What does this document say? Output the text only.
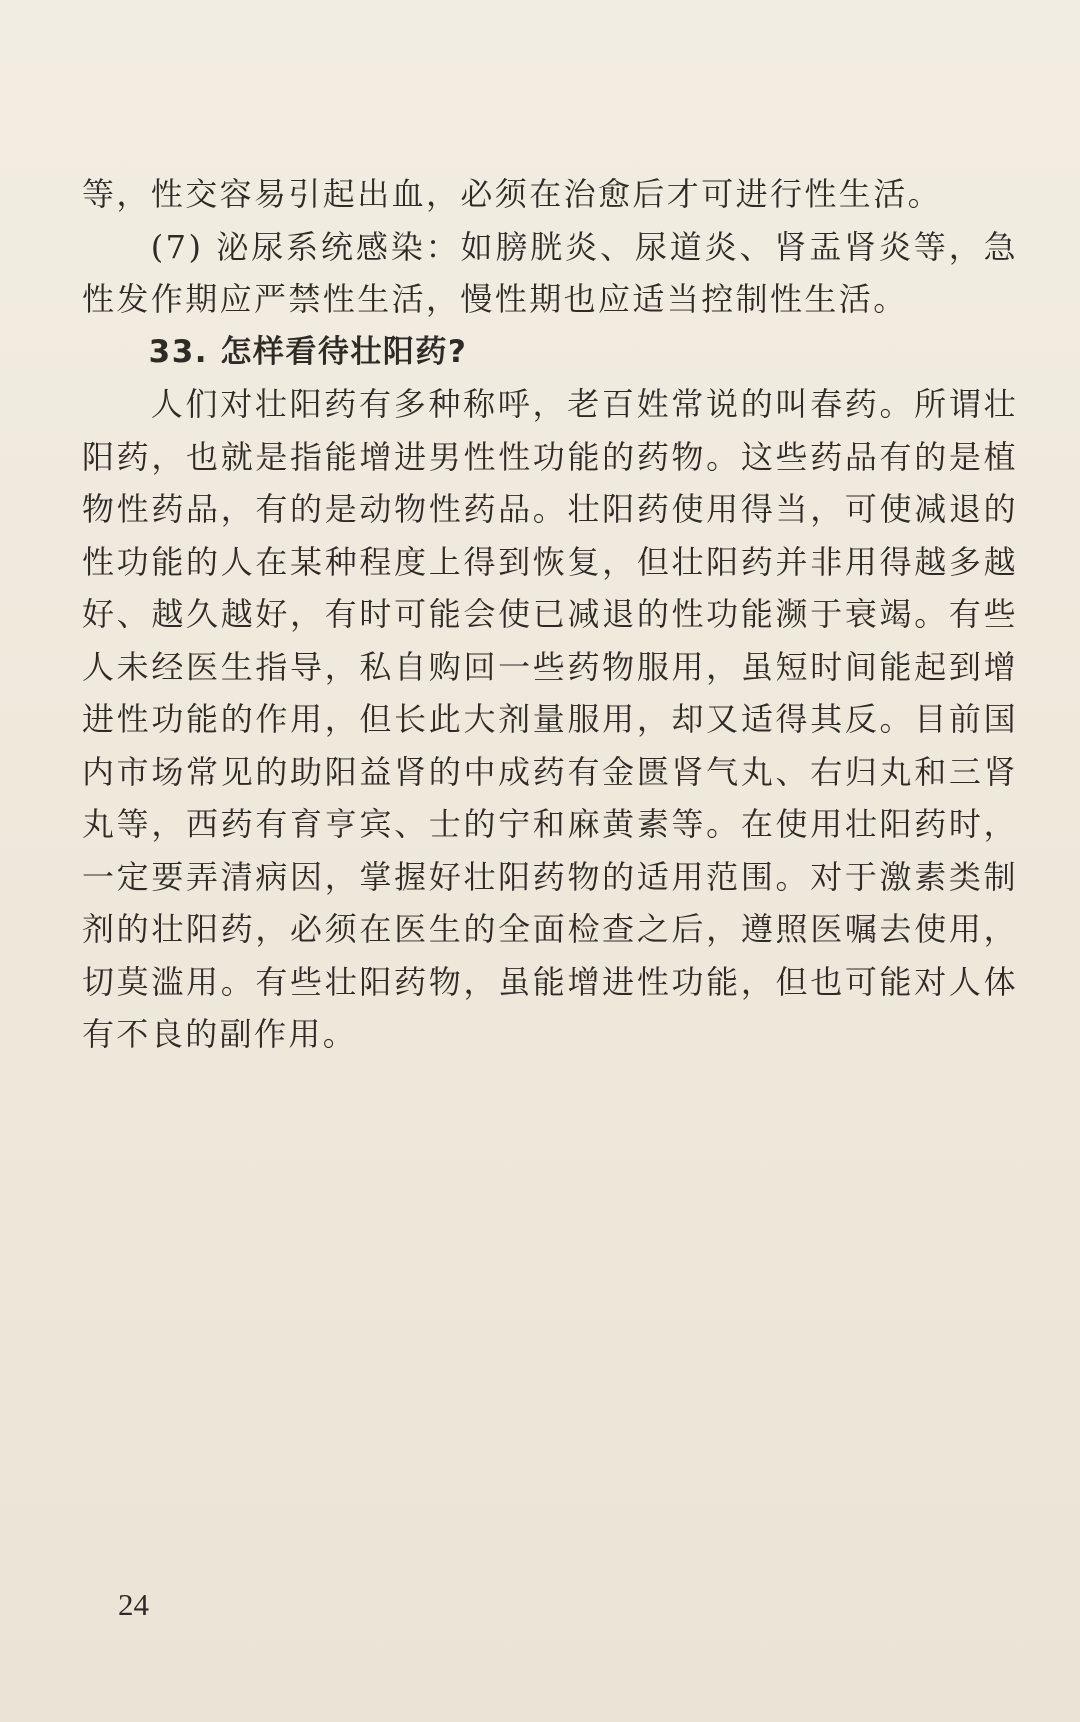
等，性交容易引起出血，必须在治愈后才可进行性生活。

(7) 泌尿系统感染：如膀胱炎、尿道炎、肾盂肾炎等，急性发作期应严禁性生活，慢性期也应适当控制性生活。

33. 怎样看待壮阳药?

人们对壮阳药有多种称呼，老百姓常说的叫春药。所谓壮阳药，也就是指能增进男性性功能的药物。这些药品有的是植物性药品，有的是动物性药品。壮阳药使用得当，可使减退的性功能的人在某种程度上得到恢复，但壮阳药并非用得越多越好、越久越好，有时可能会使已减退的性功能濒于衰竭。有些人未经医生指导，私自购回一些药物服用，虽短时间能起到增进性功能的作用，但长此大剂量服用，却又适得其反。目前国内市场常见的助阳益肾的中成药有金匮肾气丸、右归丸和三肾丸等，西药有育亨宾、士的宁和麻黄素等。在使用壮阳药时，一定要弄清病因，掌握好壮阳药物的适用范围。对于激素类制剂的壮阳药，必须在医生的全面检查之后，遵照医嘱去使用，切莫滥用。有些壮阳药物，虽能增进性功能，但也可能对人体有不良的副作用。

24
